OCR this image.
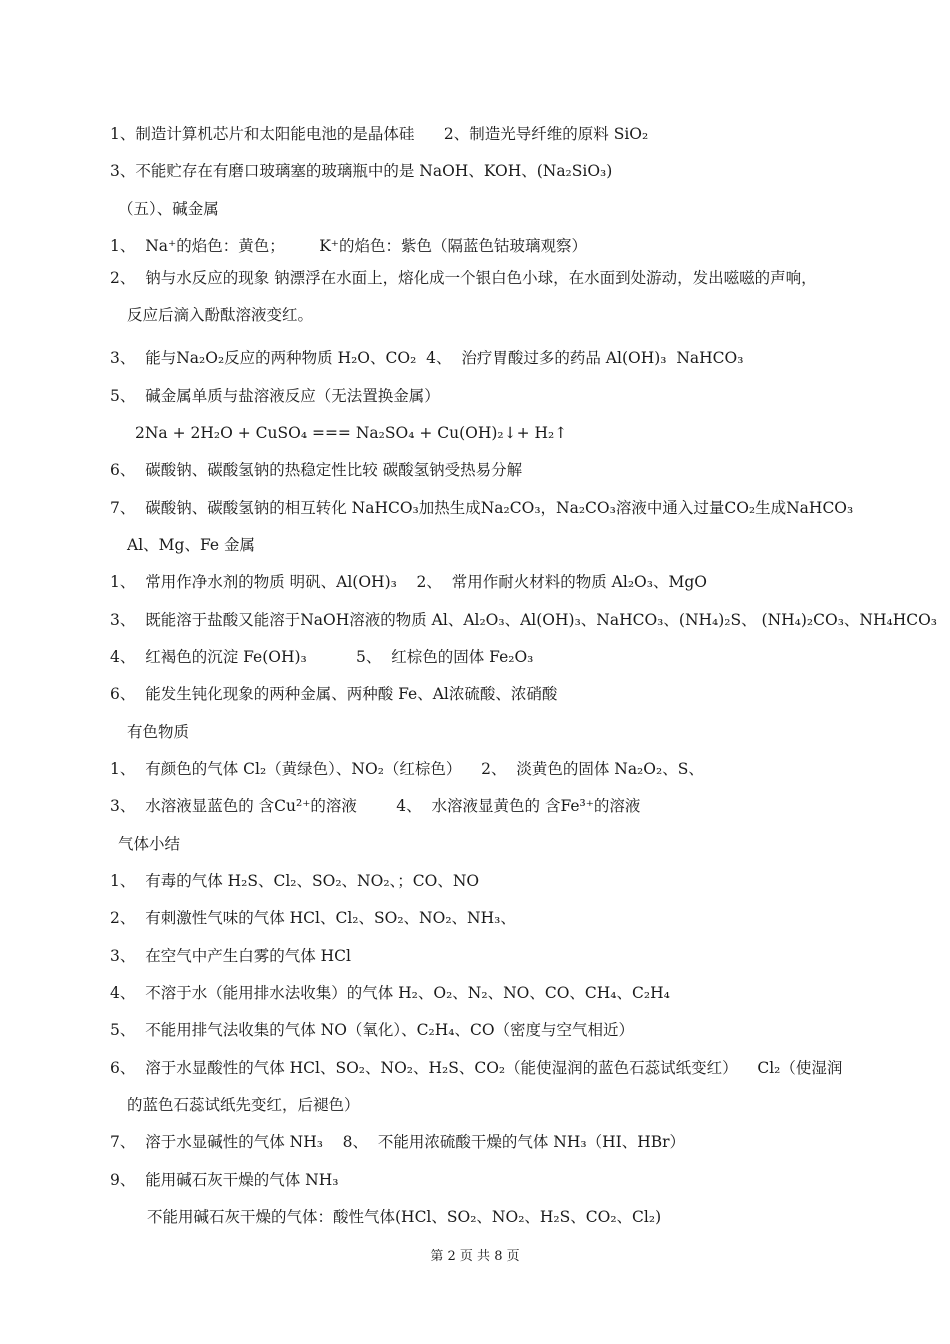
1、制造计算机芯片和太阳能电池的是晶体硅      2、制造光导纤维的原料 SiO₂
3、不能贮存在有磨口玻璃塞的玻璃瓶中的是 NaOH、KOH、(Na₂SiO₃)
（五）、碱金属
1、  Na⁺的焰色：黄色；       K⁺的焰色：紫色（隔蓝色钴玻璃观察）
2、  钠与水反应的现象 钠漂浮在水面上，熔化成一个银白色小球，在水面到处游动，发出嗞嗞的声响，
反应后滴入酚酞溶液变红。
3、  能与Na₂O₂反应的两种物质 H₂O、CO₂  4、  治疗胃酸过多的药品 Al(OH)₃  NaHCO₃
5、  碱金属单质与盐溶液反应（无法置换金属）
2Na + 2H₂O + CuSO₄ === Na₂SO₄ + Cu(OH)₂↓+ H₂↑
6、  碳酸钠、碳酸氢钠的热稳定性比较 碳酸氢钠受热易分解
7、  碳酸钠、碳酸氢钠的相互转化 NaHCO₃加热生成Na₂CO₃，Na₂CO₃溶液中通入过量CO₂生成NaHCO₃
Al、Mg、Fe 金属
1、  常用作净水剂的物质 明矾、Al(OH)₃    2、  常用作耐火材料的物质 Al₂O₃、MgO
3、  既能溶于盐酸又能溶于NaOH溶液的物质 Al、Al₂O₃、Al(OH)₃、NaHCO₃、(NH₄)₂S、 (NH₄)₂CO₃、NH₄HCO₃
4、  红褐色的沉淀 Fe(OH)₃          5、  红棕色的固体 Fe₂O₃
6、  能发生钝化现象的两种金属、两种酸 Fe、Al浓硫酸、浓硝酸
有色物质
1、  有颜色的气体 Cl₂（黄绿色）、NO₂（红棕色）    2、  淡黄色的固体 Na₂O₂、S、
3、  水溶液显蓝色的 含Cu²⁺的溶液        4、  水溶液显黄色的 含Fe³⁺的溶液
气体小结
1、  有毒的气体 H₂S、Cl₂、SO₂、NO₂、；CO、NO
2、  有刺激性气味的气体 HCl、Cl₂、SO₂、NO₂、NH₃、
3、  在空气中产生白雾的气体 HCl
4、  不溶于水（能用排水法收集）的气体 H₂、O₂、N₂、NO、CO、CH₄、C₂H₄
5、  不能用排气法收集的气体 NO（氧化）、C₂H₄、CO（密度与空气相近）
6、  溶于水显酸性的气体 HCl、SO₂、NO₂、H₂S、CO₂（能使湿润的蓝色石蕊试纸变红）    Cl₂（使湿润
的蓝色石蕊试纸先变红，后褪色）
7、  溶于水显碱性的气体 NH₃    8、  不能用浓硫酸干燥的气体 NH₃（HI、HBr）
9、  能用碱石灰干燥的气体 NH₃
不能用碱石灰干燥的气体：酸性气体(HCl、SO₂、NO₂、H₂S、CO₂、Cl₂)
第 2 页 共 8 页
